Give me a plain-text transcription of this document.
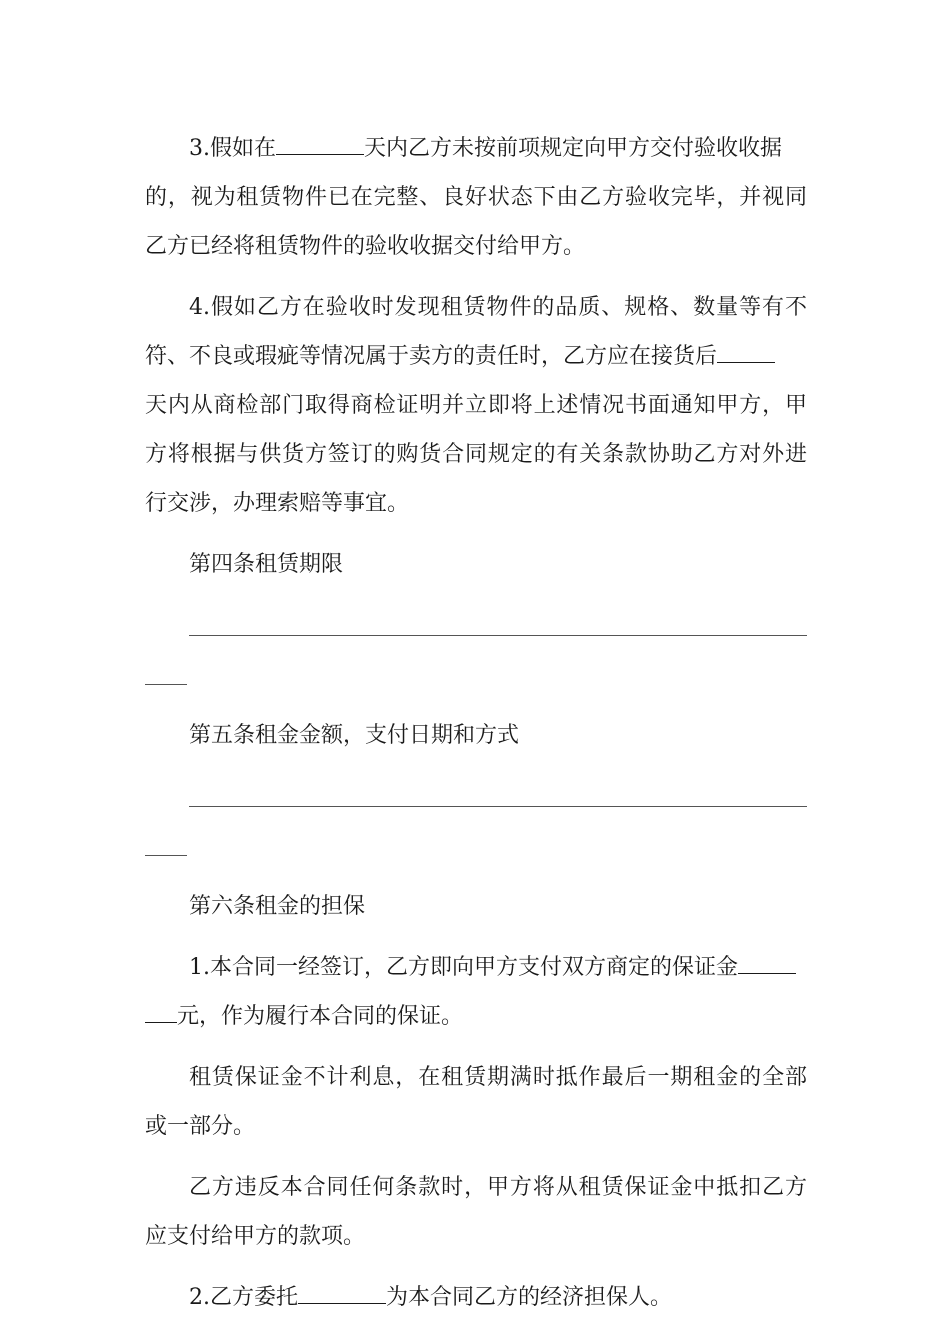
3.假如在	天内乙方未按前项规定向甲方交付验收收据
的，视为租赁物件已在完整、良好状态下由乙方验收完毕，并视同
乙方已经将租赁物件的验收收据交付给甲方。
4.假如乙方在验收时发现租赁物件的品质、规格、数量等有不
符、不良或瑕疵等情况属于卖方的责任时，乙方应在接货后
天内从商检部门取得商检证明并立即将上述情况书面通知甲方，甲
方将根据与供货方签订的购货合同规定的有关条款协助乙方对外进
行交涉，办理索赔等事宜。
第四条租赁期限
第五条租金金额，支付日期和方式
第六条租金的担保
1.本合同一经签订，乙方即向甲方支付双方商定的保证金
元，作为履行本合同的保证。
租赁保证金不计利息，在租赁期满时抵作最后一期租金的全部
或一部分。
乙方违反本合同任何条款时，甲方将从租赁保证金中抵扣乙方
应支付给甲方的款项。
2.乙方委托	为本合同乙方的经济担保人。
